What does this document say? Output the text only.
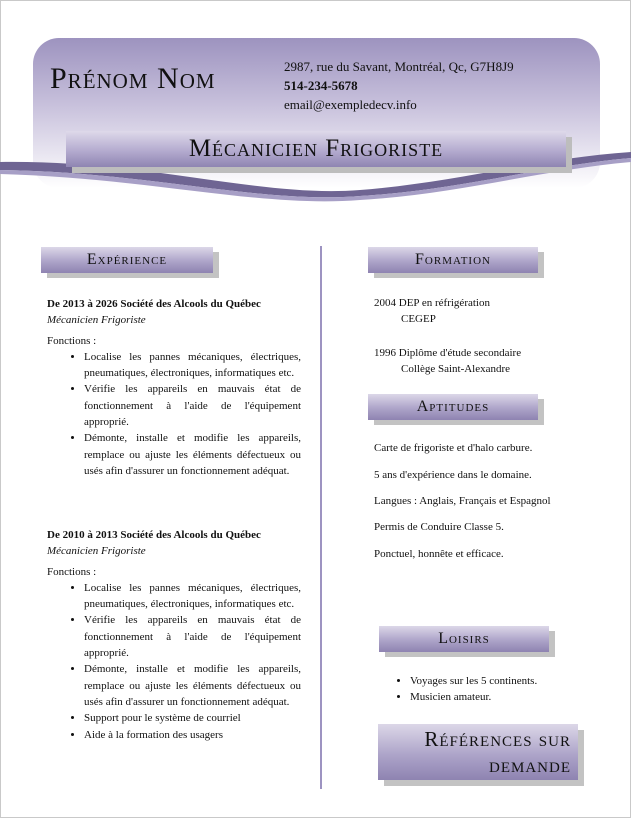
Prénom Nom	2987, rue du Savant, Montréal, Qc, G7H8J9
514-234-5678
email@exempledecv.info
Mécanicien Frigoriste
Expérience
De 2013 à 2026 Société des Alcools du Québec
Mécanicien Frigoriste
Fonctions :
• Localise les pannes mécaniques, électriques, pneumatiques, électroniques, informatiques etc.
• Vérifie les appareils en mauvais état de fonctionnement à l'aide de l'équipement approprié.
• Démonte, installe et modifie les appareils, remplace ou ajuste les éléments défectueux ou usés afin d'assurer un fonctionnement adéquat.
De 2010 à 2013 Société des Alcools du Québec
Mécanicien Frigoriste
Fonctions :
• Localise les pannes mécaniques, électriques, pneumatiques, électroniques, informatiques etc.
• Vérifie les appareils en mauvais état de fonctionnement à l'aide de l'équipement approprié.
• Démonte, installe et modifie les appareils, remplace ou ajuste les éléments défectueux ou usés afin d'assurer un fonctionnement adéquat.
• Support pour le système de courriel
• Aide à la formation des usagers
Formation
2004 DEP en réfrigération
CEGEP
1996 Diplôme d'étude secondaire
Collège Saint-Alexandre
Aptitudes
Carte de frigoriste et d'halo carbure.
5 ans d'expérience dans le domaine.
Langues : Anglais, Français et Espagnol
Permis de Conduire Classe 5.
Ponctuel, honnête et efficace.
Loisirs
• Voyages sur les 5 continents.
• Musicien amateur.
Références sur
demande
